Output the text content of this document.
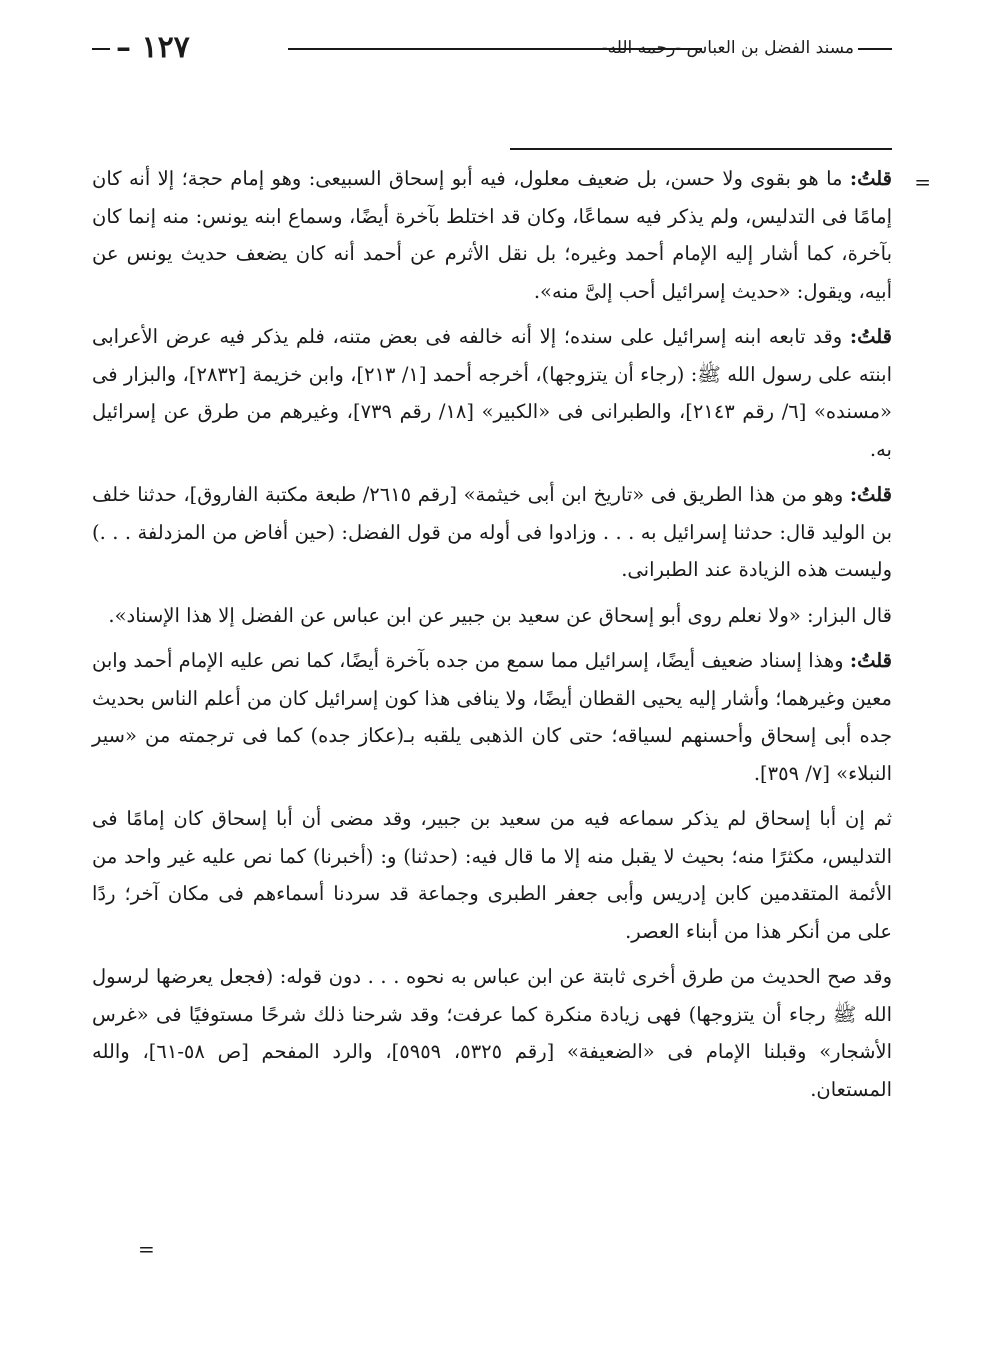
– ١٢٧	مسند الفضل بن العباس -رحمه الله-
=

قلتُ: ما هو بقوى ولا حسن، بل ضعيف معلول، فيه أبو إسحاق السبيعى: وهو إمام حجة؛ إلا أنه كان إمامًا فى التدليس، ولم يذكر فيه سماعًا، وكان قد اختلط بآخرة أيضًا، وسماع ابنه يونس: منه إنما كان بآخرة، كما أشار إليه الإمام أحمد وغيره؛ بل نقل الأثرم عن أحمد أنه كان يضعف حديث يونس عن أبيه، ويقول: «حديث إسرائيل أحب إلىَّ منه».

قلتُ: وقد تابعه ابنه إسرائيل على سنده؛ إلا أنه خالفه فى بعض متنه، فلم يذكر فيه عرض الأعرابى ابنته على رسول الله ﷺ: (رجاء أن يتزوجها)، أخرجه أحمد [١/ ٢١٣]، وابن خزيمة [٢٨٣٢]، والبزار فى «مسنده» [٦/ رقم ٢١٤٣]، والطبرانى فى «الكبير» [١٨/ رقم ٧٣٩]، وغيرهم من طرق عن إسرائيل به.

قلتُ: وهو من هذا الطريق فى «تاريخ ابن أبى خيثمة» [رقم ٢٦١٥/ طبعة مكتبة الفاروق]، حدثنا خلف بن الوليد قال: حدثنا إسرائيل به . . . وزادوا فى أوله من قول الفضل: (حين أفاض من المزدلفة . . .) وليست هذه الزيادة عند الطبرانى.

قال البزار: «ولا نعلم روى أبو إسحاق عن سعيد بن جبير عن ابن عباس عن الفضل إلا هذا الإسناد».

قلتُ: وهذا إسناد ضعيف أيضًا، إسرائيل مما سمع من جده بآخرة أيضًا، كما نص عليه الإمام أحمد وابن معين وغيرهما؛ وأشار إليه يحيى القطان أيضًا، ولا ينافى هذا كون إسرائيل كان من أعلم الناس بحديث جده أبى إسحاق وأحسنهم لسياقه؛ حتى كان الذهبى يلقبه بـ(عكاز جده) كما فى ترجمته من «سير النبلاء» [٧/ ٣٥٩].

ثم إن أبا إسحاق لم يذكر سماعه فيه من سعيد بن جبير، وقد مضى أن أبا إسحاق كان إمامًا فى التدليس، مكثرًا منه؛ بحيث لا يقبل منه إلا ما قال فيه: (حدثنا) و: (أخبرنا) كما نص عليه غير واحد من الأئمة المتقدمين كابن إدريس وأبى جعفر الطبرى وجماعة قد سردنا أسماءهم فى مكان آخر؛ ردًا على من أنكر هذا من أبناء العصر.

وقد صح الحديث من طرق أخرى ثابتة عن ابن عباس به نحوه . . . دون قوله: (فجعل يعرضها لرسول الله ﷺ رجاء أن يتزوجها) فهى زيادة منكرة كما عرفت؛ وقد شرحنا ذلك شرحًا مستوفيًا فى «غرس الأشجار» وقبلنا الإمام فى «الضعيفة» [رقم ٥٣٢٥، ٥٩٥٩]، والرد المفحم [ص ٥٨-٦١]، والله المستعان.

=
